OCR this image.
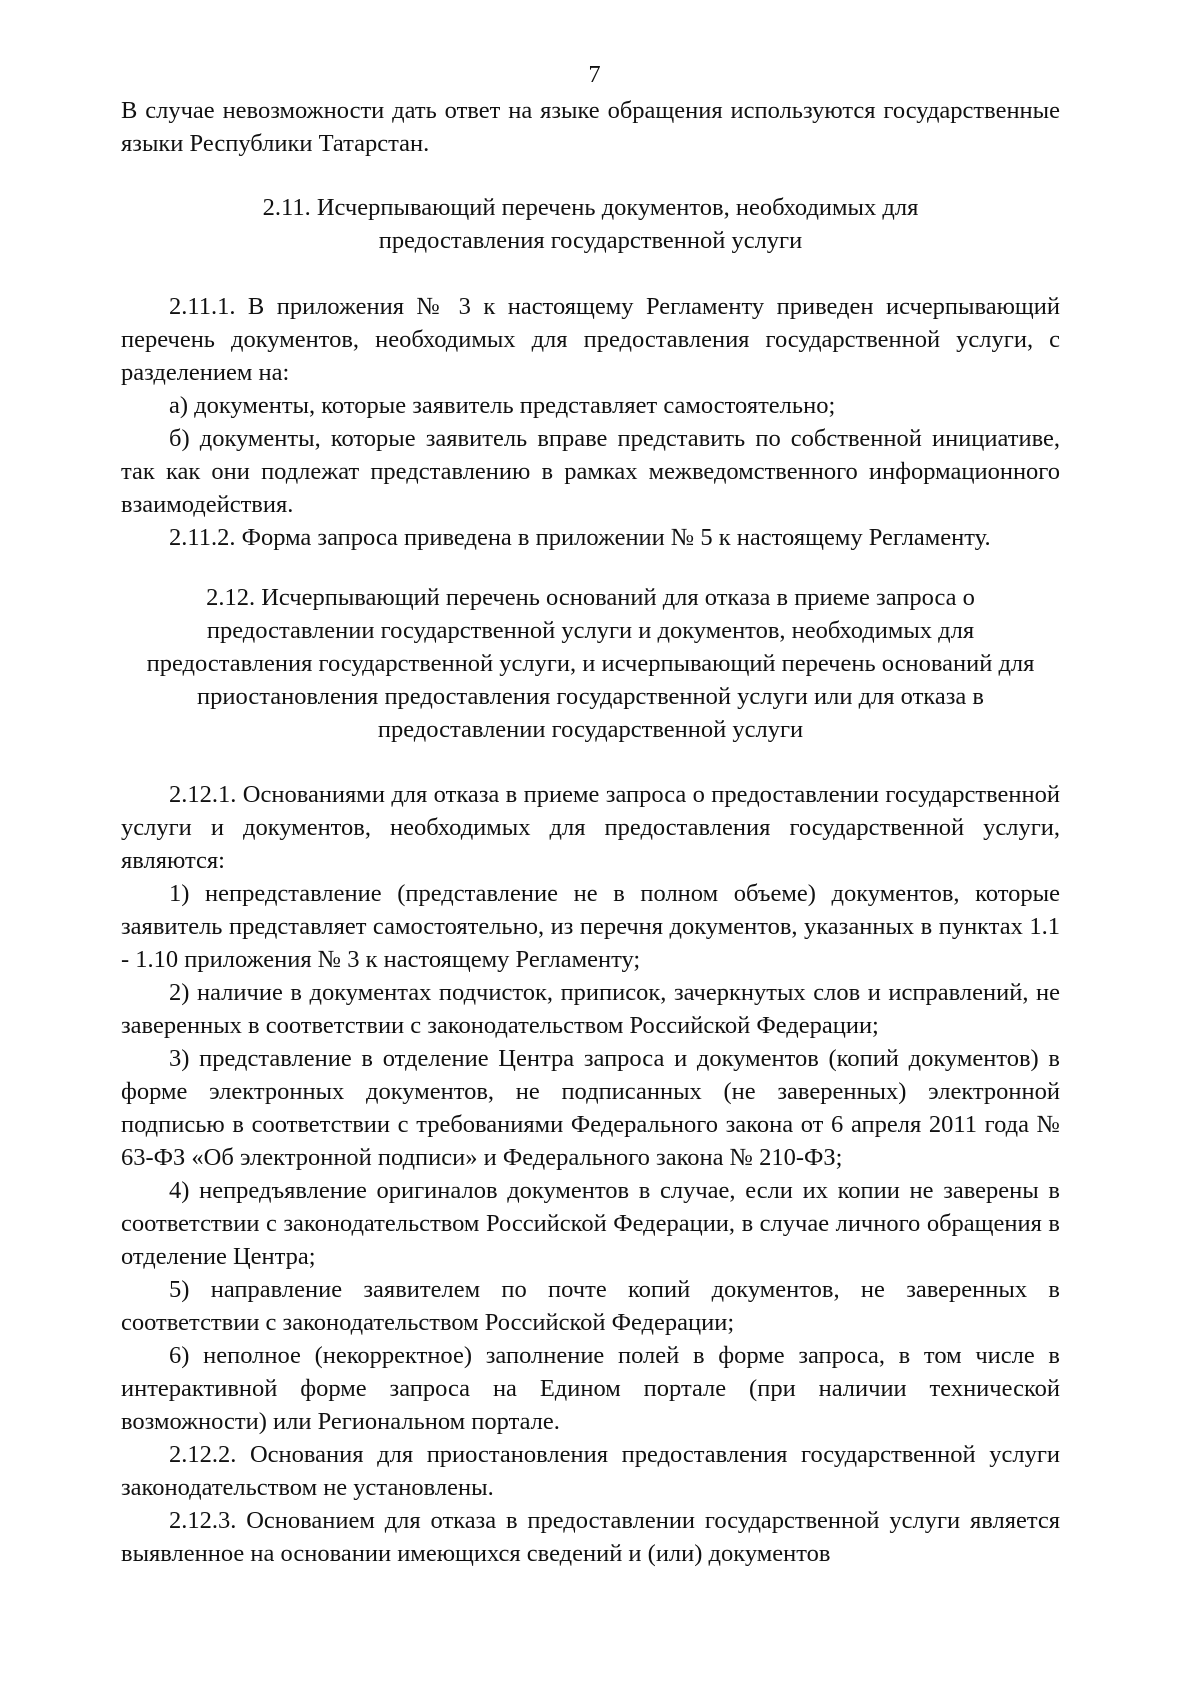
7

В случае невозможности дать ответ на языке обращения используются государственные языки Республики Татарстан.

2.11. Исчерпывающий перечень документов, необходимых для

предоставления государственной услуги

2.11.1. В приложения № 3 к настоящему Регламенту приведен исчерпывающий перечень документов, необходимых для предоставления государственной услуги, с разделением на:

а) документы, которые заявитель представляет самостоятельно;

б) документы, которые заявитель вправе представить по собственной инициативе, так как они подлежат представлению в рамках межведомственного информационного взаимодействия.

2.11.2. Форма запроса приведена в приложении № 5 к настоящему Регламенту.

2.12. Исчерпывающий перечень оснований для отказа в приеме запроса о

предоставлении государственной услуги и документов, необходимых для

предоставления государственной услуги, и исчерпывающий перечень оснований для

приостановления предоставления государственной услуги или для отказа в

предоставлении государственной услуги

2.12.1. Основаниями для отказа в приеме запроса о предоставлении государственной услуги и документов, необходимых для предоставления государственной услуги, являются:

1) непредставление (представление не в полном объеме) документов, которые заявитель представляет самостоятельно, из перечня документов, указанных в пунктах 1.1 - 1.10 приложения № 3 к настоящему Регламенту;

2) наличие в документах подчисток, приписок, зачеркнутых слов и исправлений, не заверенных в соответствии с законодательством Российской Федерации;

3) представление в отделение Центра запроса и документов (копий документов) в форме электронных документов, не подписанных (не заверенных) электронной подписью в соответствии с требованиями Федерального закона от 6 апреля 2011 года № 63-ФЗ «Об электронной подписи» и Федерального закона № 210-ФЗ;

4) непредъявление оригиналов документов в случае, если их копии не заверены в соответствии с законодательством Российской Федерации, в случае личного обращения в отделение Центра;

5) направление заявителем по почте копий документов, не заверенных в соответствии с законодательством Российской Федерации;

6) неполное (некорректное) заполнение полей в форме запроса, в том числе в интерактивной форме запроса на Едином портале (при наличии технической возможности) или Региональном портале.

2.12.2. Основания для приостановления предоставления государственной услуги законодательством не установлены.

2.12.3. Основанием для отказа в предоставлении государственной услуги является выявленное на основании имеющихся сведений и (или) документов
